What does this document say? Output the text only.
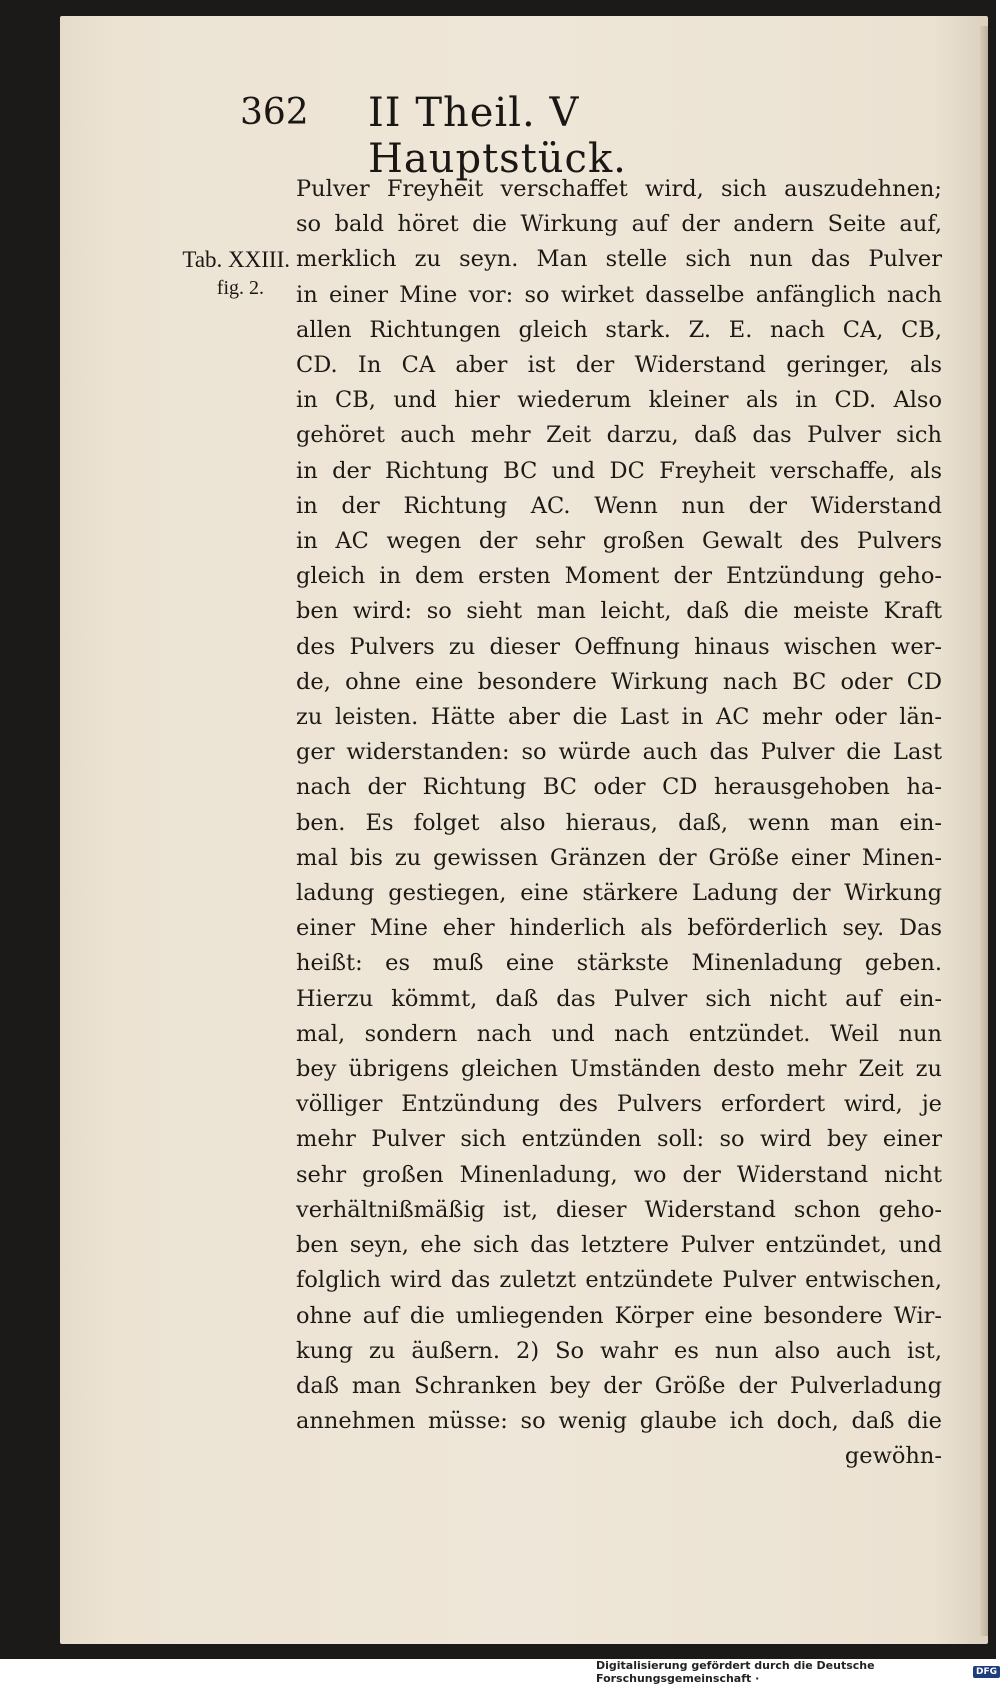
362 II Theil. V Hauptstück.
Tab. XXIII.
fig. 2.
Pulver Freyheit verschaffet wird, sich auszudehnen;
so bald höret die Wirkung auf der andern Seite auf,
merklich zu seyn. Man stelle sich nun das Pulver
in einer Mine vor: so wirket dasselbe anfänglich nach
allen Richtungen gleich stark. Z. E. nach CA, CB,
CD. In CA aber ist der Widerstand geringer, als
in CB, und hier wiederum kleiner als in CD. Also
gehöret auch mehr Zeit darzu, daß das Pulver sich
in der Richtung BC und DC Freyheit verschaffe, als
in der Richtung AC. Wenn nun der Widerstand
in AC wegen der sehr großen Gewalt des Pulvers
gleich in dem ersten Moment der Entzündung geho-
ben wird: so sieht man leicht, daß die meiste Kraft
des Pulvers zu dieser Oeffnung hinaus wischen wer-
de, ohne eine besondere Wirkung nach BC oder CD
zu leisten. Hätte aber die Last in AC mehr oder län-
ger widerstanden: so würde auch das Pulver die Last
nach der Richtung BC oder CD herausgehoben ha-
ben. Es folget also hieraus, daß, wenn man ein-
mal bis zu gewissen Gränzen der Größe einer Minen-
ladung gestiegen, eine stärkere Ladung der Wirkung
einer Mine eher hinderlich als beförderlich sey. Das
heißt: es muß eine stärkste Minenladung geben.
Hierzu kömmt, daß das Pulver sich nicht auf ein-
mal, sondern nach und nach entzündet. Weil nun
bey übrigens gleichen Umständen desto mehr Zeit zu
völliger Entzündung des Pulvers erfordert wird, je
mehr Pulver sich entzünden soll: so wird bey einer
sehr großen Minenladung, wo der Widerstand nicht
verhältnißmäßig ist, dieser Widerstand schon geho-
ben seyn, ehe sich das letztere Pulver entzündet, und
folglich wird das zuletzt entzündete Pulver entwischen,
ohne auf die umliegenden Körper eine besondere Wir-
kung zu äußern. 2) So wahr es nun also auch ist,
daß man Schranken bey der Größe der Pulverladung
annehmen müsse: so wenig glaube ich doch, daß die
gewöhn-
Digitalisierung gefördert durch die Deutsche Forschungsgemeinschaft ·	DFG
